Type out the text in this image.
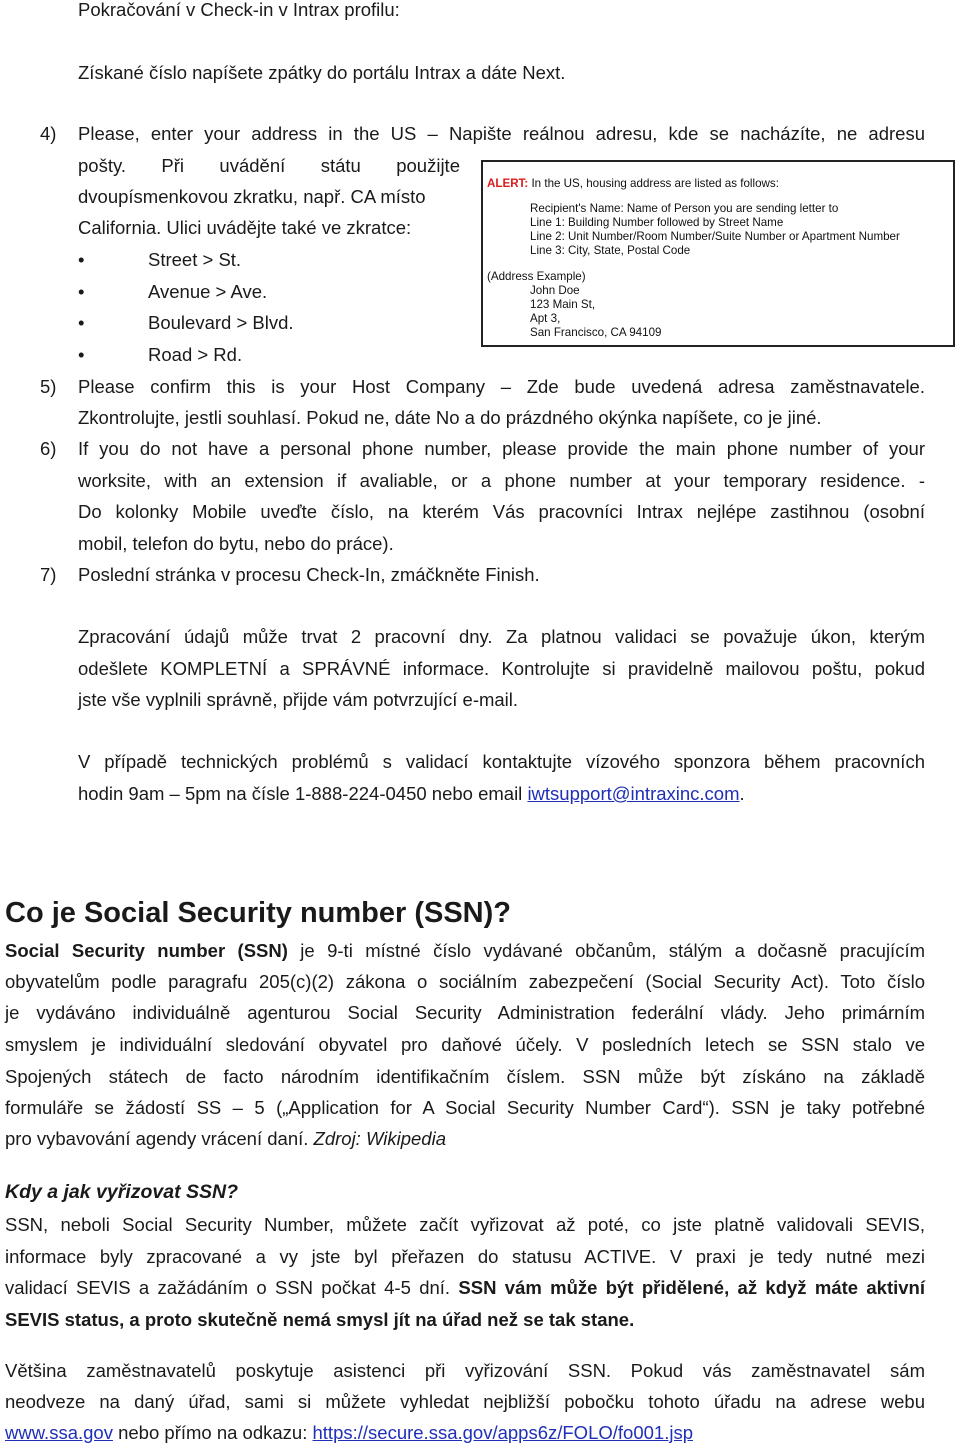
Pokračování v Check-in v Intrax profilu:

Získané číslo napíšete zpátky do portálu Intrax a dáte Next.

4) Please, enter your address in the US – Napište reálnou adresu, kde se nacházíte, ne adresu

pošty. Při uvádění státu použijte

dvoupísmenkovou zkratku, např. CA místo

California. Ulici uvádějte také ve zkratce:

•	Street > St.
•	Avenue > Ave.
•	Boulevard > Blvd.
•	Road > Rd.
ALERT: In the US, housing address are listed as follows:
Recipient's Name: Name of Person you are sending letter to
Line 1: Building Number followed by Street Name
Line 2: Unit Number/Room Number/Suite Number or Apartment Number
Line 3: City, State, Postal Code
(Address Example)
John Doe
123 Main St,
Apt 3,
San Francisco, CA 94109
5) Please confirm this is your Host Company – Zde bude uvedená adresa zaměstnavatele.

Zkontrolujte, jestli souhlasí. Pokud ne, dáte No a do prázdného okýnka napíšete, co je jiné.

6) If you do not have a personal phone number, please provide the main phone number of your

worksite, with an extension if avaliable, or a phone number at your temporary residence. -

Do kolonky Mobile uveďte číslo, na kterém Vás pracovníci Intrax nejlépe zastihnou (osobní

mobil, telefon do bytu, nebo do práce).

7) Poslední stránka v procesu Check-In, zmáčkněte Finish.

Zpracování údajů může trvat 2 pracovní dny. Za platnou validaci se považuje úkon, kterým

odešlete KOMPLETNÍ a SPRÁVNÉ informace. Kontrolujte si pravidelně mailovou poštu, pokud

jste vše vyplnili správně, přijde vám potvrzující e-mail.

V případě technických problémů s validací kontaktujte vízového sponzora během pracovních

hodin 9am – 5pm na čísle 1-888-224-0450 nebo email iwtsupport@intraxinc.com.

Co je Social Security number (SSN)?

Social Security number (SSN) je 9-ti místné číslo vydávané občanům, stálým a dočasně pracujícím

obyvatelům podle paragrafu 205(c)(2) zákona o sociálním zabezpečení (Social Security Act). Toto číslo

je vydáváno individuálně agenturou Social Security Administration federální vlády. Jeho primárním

smyslem je individuální sledování obyvatel pro daňové účely. V posledních letech se SSN stalo ve

Spojených státech de facto národním identifikačním číslem. SSN může být získáno na základě

formuláře se žádostí SS – 5 („Application for A Social Security Number Card“). SSN je taky potřebné

pro vybavování agendy vrácení daní. Zdroj: Wikipedia

Kdy a jak vyřizovat SSN?

SSN, neboli Social Security Number, můžete začít vyřizovat až poté, co jste platně validovali SEVIS,

informace byly zpracované a vy jste byl přeřazen do statusu ACTIVE. V praxi je tedy nutné mezi

validací SEVIS a zažádáním o SSN počkat 4-5 dní. SSN vám může být přidělené, až když máte aktivní

SEVIS status, a proto skutečně nemá smysl jít na úřad než se tak stane.

Většina zaměstnavatelů poskytuje asistenci při vyřizování SSN. Pokud vás zaměstnavatel sám

neodveze na daný úřad, sami si můžete vyhledat nejbližší pobočku tohoto úřadu na adrese webu

www.ssa.gov nebo přímo na odkazu: https://secure.ssa.gov/apps6z/FOLO/fo001.jsp
